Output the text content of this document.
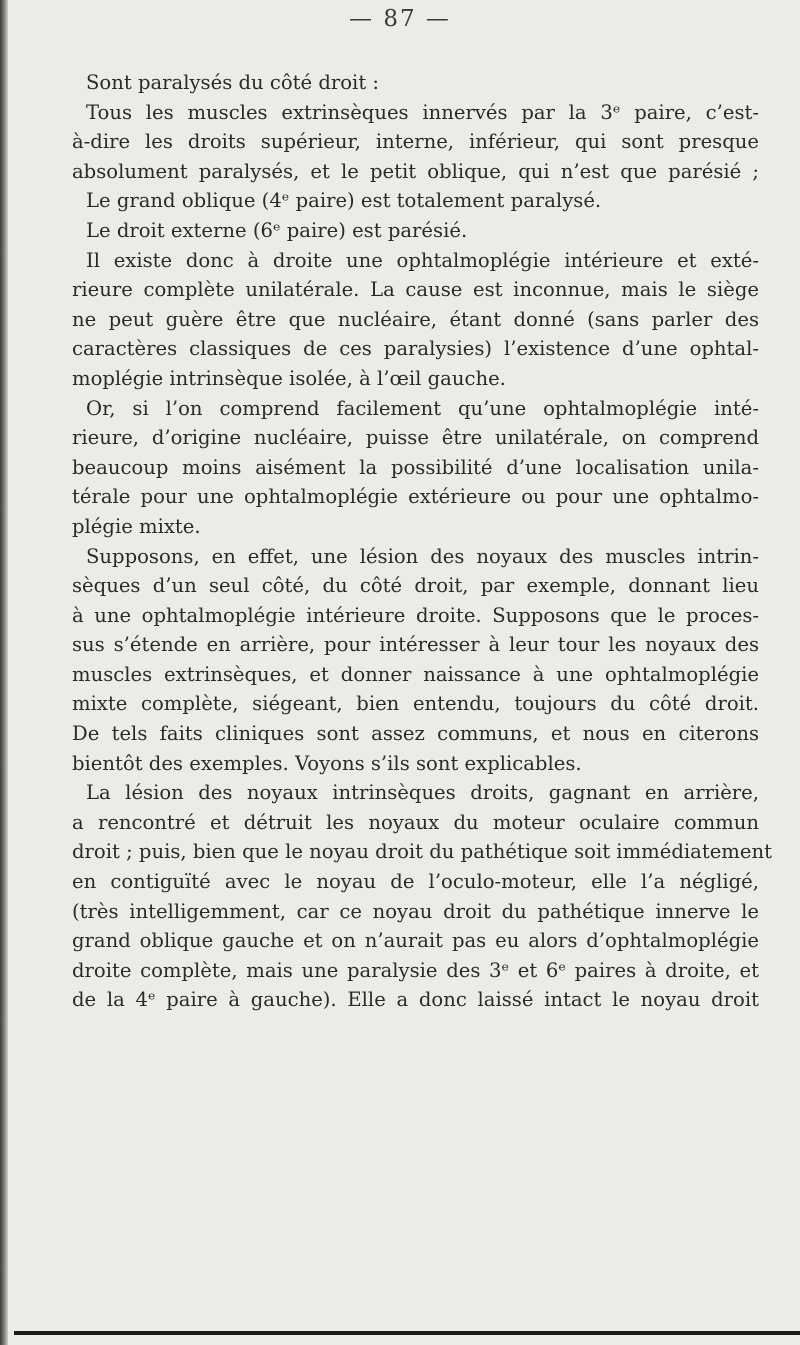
— 87 —
Sont paralysés du côté droit :
Tous les muscles extrinsèques innervés par la 3ᵉ paire, c’est-
à-dire les droits supérieur, interne, inférieur, qui sont presque
absolument paralysés, et le petit oblique, qui n’est que parésié ;
Le grand oblique (4ᵉ paire) est totalement paralysé.
Le droit externe (6ᵉ paire) est parésié.
Il existe donc à droite une ophtalmoplégie intérieure et exté-
rieure complète unilatérale. La cause est inconnue, mais le siège
ne peut guère être que nucléaire, étant donné (sans parler des
caractères classiques de ces paralysies) l’existence d’une ophtal-
moplégie intrinsèque isolée, à l’œil gauche.
Or, si l’on comprend facilement qu’une ophtalmoplégie inté-
rieure, d’origine nucléaire, puisse être unilatérale, on comprend
beaucoup moins aisément la possibilité d’une localisation unila-
térale pour une ophtalmoplégie extérieure ou pour une ophtalmo-
plégie mixte.
Supposons, en effet, une lésion des noyaux des muscles intrin-
sèques d’un seul côté, du côté droit, par exemple, donnant lieu
à une ophtalmoplégie intérieure droite. Supposons que le proces-
sus s’étende en arrière, pour intéresser à leur tour les noyaux des
muscles extrinsèques, et donner naissance à une ophtalmoplégie
mixte complète, siégeant, bien entendu, toujours du côté droit.
De tels faits cliniques sont assez communs, et nous en citerons
bientôt des exemples. Voyons s’ils sont explicables.
La lésion des noyaux intrinsèques droits, gagnant en arrière,
a rencontré et détruit les noyaux du moteur oculaire commun
droit ; puis, bien que le noyau droit du pathétique soit immédiatement
en contiguïté avec le noyau de l’oculo-moteur, elle l’a négligé,
(très intelligemment, car ce noyau droit du pathétique innerve le
grand oblique gauche et on n’aurait pas eu alors d’ophtalmoplégie
droite complète, mais une paralysie des 3ᵉ et 6ᵉ paires à droite, et
de la 4ᵉ paire à gauche). Elle a donc laissé intact le noyau droit
